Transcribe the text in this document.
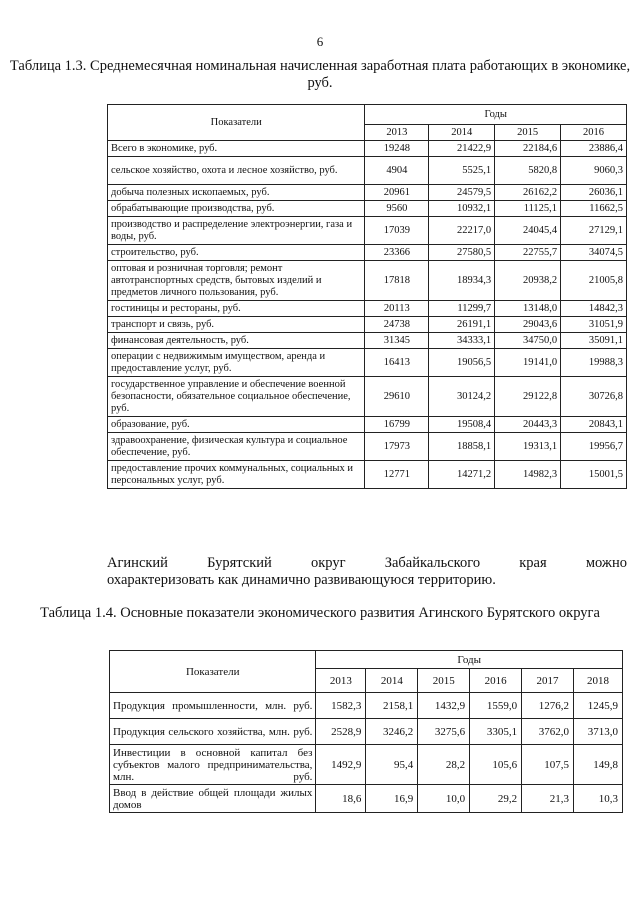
6
Таблица 1.3. Среднемесячная номинальная начисленная заработная плата работающих в экономике, руб.
Показатели	Годы			
	2013	2014	2015	2016
Всего в экономике, руб.	19248	21422,9	22184,6	23886,4
сельское хозяйство, охота и лесное хозяйство, руб.	4904	5525,1	5820,8	9060,3
добыча полезных ископаемых, руб.	20961	24579,5	26162,2	26036,1
обрабатывающие производства, руб.	9560	10932,1	11125,1	11662,5
производство и распределение электроэнергии, газа и воды, руб.	17039	22217,0	24045,4	27129,1
строительство, руб.	23366	27580,5	22755,7	34074,5
оптовая и розничная торговля; ремонт автотранспортных средств, бытовых изделий и предметов личного пользования, руб.	17818	18934,3	20938,2	21005,8
гостиницы и рестораны, руб.	20113	11299,7	13148,0	14842,3
транспорт и связь, руб.	24738	26191,1	29043,6	31051,9
финансовая деятельность, руб.	31345	34333,1	34750,0	35091,1
операции с недвижимым имуществом, аренда и предоставление услуг, руб.	16413	19056,5	19141,0	19988,3
государственное управление и обеспечение военной безопасности, обязательное социальное обеспечение, руб.	29610	30124,2	29122,8	30726,8
образование, руб.	16799	19508,4	20443,3	20843,1
здравоохранение, физическая культура и социальное обеспечение, руб.	17973	18858,1	19313,1	19956,7
предоставление прочих коммунальных, социальных и персональных услуг, руб.	12771	14271,2	14982,3	15001,5
Агинский	Бурятский	округ	Забайкальского	края	можно
охарактеризовать как динамично развивающуюся территорию.
Таблица 1.4. Основные показатели экономического развития Агинского Бурятского округа
Показатели	Годы					
	2013	2014	2015	2016	2017	2018
Продукция промышленности, млн. руб.	1582,3	2158,1	1432,9	1559,0	1276,2	1245,9
Продукция сельского хозяйства, млн. руб.	2528,9	3246,2	3275,6	3305,1	3762,0	3713,0
Инвестиции в основной капитал без субъектов малого предпринимательства, млн. руб.	1492,9	95,4	28,2	105,6	107,5	149,8
Ввод в действие общей площади жилых домов	18,6	16,9	10,0	29,2	21,3	10,3
